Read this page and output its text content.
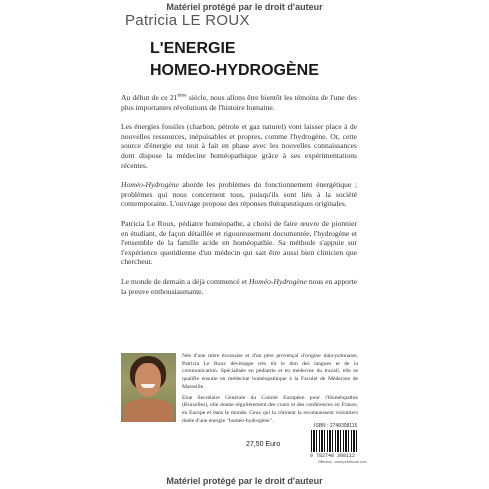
Matériel protégé par le droit d'auteur
Patricia LE ROUX
L'ENERGIE
HOMEO-HYDROGÈNE

Au début de ce 21ème siècle, nous allons être bientôt les témoins de l'une des plus importantes révolutions de l'histoire humaine.

Les énergies fossiles (charbon, pétrole et gaz naturel) vont laisser place à de nouvelles ressources, inépuisables et propres, comme l'hydrogène. Or, cette source d'énergie est tout à fait en phase avec les nouvelles connaissances dont dispose la médecine homéopathique grâce à ses expérimentations récentes.

Homéo-Hydrogène aborde les problèmes du fonctionnement énergétique ; problèmes qui nous concernent tous, puisqu'ils sont liés à la société contemporaine. L'ouvrage propose des réponses thérapeutiques originales.

Patricia Le Roux, pédiatre homéopathe, a choisi de faire œuvre de pionnier en étudiant, de façon détaillée et rigoureusement documentée, l'hydrogène et l'ensemble de la famille acide en homéopathie. Sa méthode s'appuie sur l'expérience quotidienne d'un médecin qui sait être aussi bien clinicien que chercheur.

Le monde de demain a déjà commencé et Homéo-Hydrogène nous en apporte la preuve enthousiasmante.

Née d'une mère écossaise et d'un père provençal d'origine italo-polonaise, Patricia Le Roux développe très tôt le don des langues et de la communication. Spécialisée en pédiatrie et en médecine du travail, elle se qualifie ensuite en médecine homéopathique à la Faculté de Médecine de Marseille.

Elue Secrétaire Générale du Comité Européen pour l'Homéopathie (Bruxelles), elle donne régulièrement des cours et des conférences en France, en Europe et dans le monde. Ceux qui la côtoient la reconnaissent volontiers dotée d'une énergie "homéo-hydrogène".

27,50 Euro
ISBN : 2748308115
9 782748 308112
Diffusion : www.publibook.com
Matériel protégé par le droit d'auteur
